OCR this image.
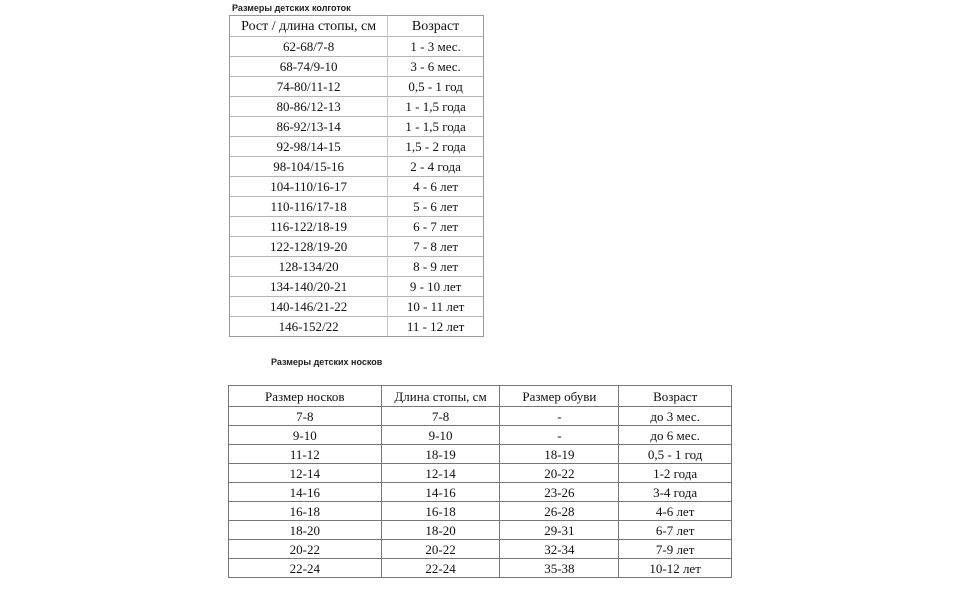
Размеры детских колготок
Рост / длина стопы, см	Возраст
62-68/7-8	1 - 3 мес.
68-74/9-10	3 - 6 мес.
74-80/11-12	0,5 - 1 год
80-86/12-13	1 - 1,5 года
86-92/13-14	1 - 1,5 года
92-98/14-15	1,5 - 2 года
98-104/15-16	2 - 4 года
104-110/16-17	4 - 6 лет
110-116/17-18	5 - 6 лет
116-122/18-19	6 - 7 лет
122-128/19-20	7 - 8 лет
128-134/20	8 - 9 лет
134-140/20-21	9 - 10 лет
140-146/21-22	10 - 11 лет
146-152/22	11 - 12 лет
Размеры детских носков
Размер носков	Длина стопы, см	Размер обуви	Возраст
7-8	7-8	-	до 3 мес.
9-10	9-10	-	до 6 мес.
11-12	18-19	18-19	0,5 - 1 год
12-14	12-14	20-22	1-2 года
14-16	14-16	23-26	3-4 года
16-18	16-18	26-28	4-6 лет
18-20	18-20	29-31	6-7 лет
20-22	20-22	32-34	7-9 лет
22-24	22-24	35-38	10-12 лет
